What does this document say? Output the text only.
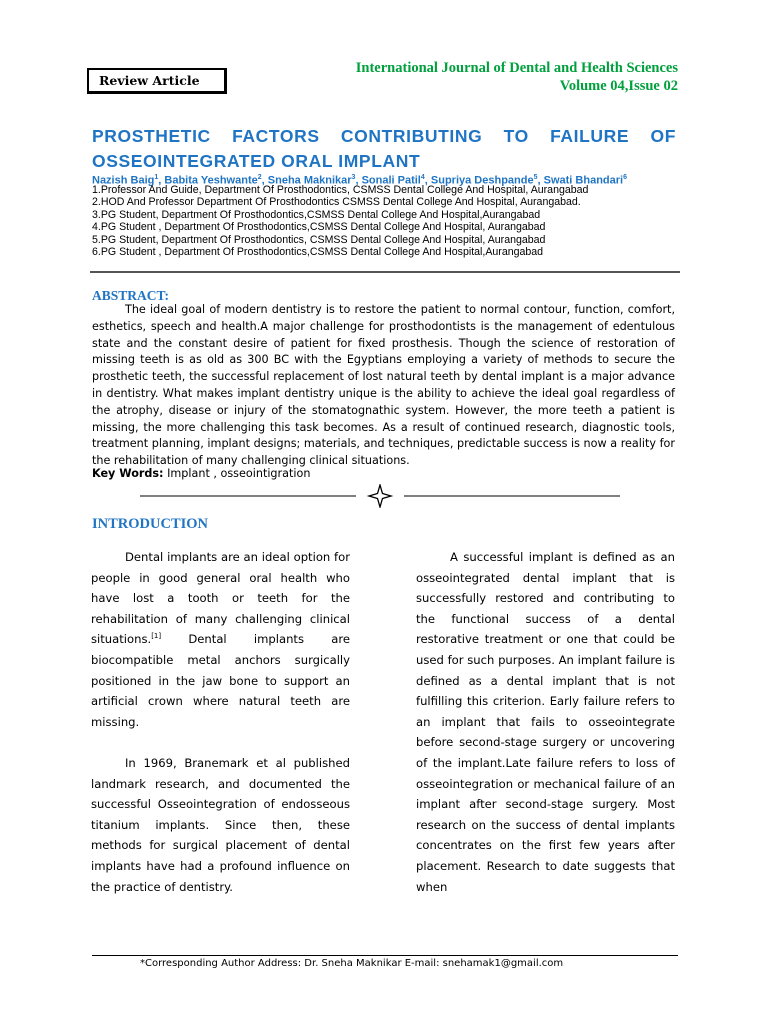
Review Article
International Journal of Dental and Health Sciences
Volume 04,Issue 02
PROSTHETIC FACTORS CONTRIBUTING TO FAILURE OF
OSSEOINTEGRATED ORAL IMPLANT
Nazish Baig$^1$, Babita Yeshwante$^2$, Sneha Maknikar$^3$, Sonali Patil$^4$, Supriya Deshpande$^5$, Swati Bhandari$^6$
1.Professor And Guide, Department Of Prosthodontics, CSMSS Dental College And Hospital, Aurangabad
2.HOD And Professor Department Of Prosthodontics CSMSS Dental College And Hospital, Aurangabad.
3.PG Student, Department Of Prosthodontics,CSMSS Dental College And Hospital,Aurangabad
4.PG Student , Department Of Prosthodontics,CSMSS Dental College And Hospital, Aurangabad
5.PG Student, Department Of Prosthodontics, CSMSS Dental College And Hospital, Aurangabad
6.PG Student , Department Of Prosthodontics,CSMSS Dental College And Hospital,Aurangabad
ABSTRACT:

The ideal goal of modern dentistry is to restore the patient to normal contour, function, comfort, esthetics, speech and health.A major challenge for prosthodontists is the management of edentulous state and the constant desire of patient for fixed prosthesis. Though the science of restoration of missing teeth is as old as 300 BC with the Egyptians employing a variety of methods to secure the prosthetic teeth, the successful replacement of lost natural teeth by dental implant is a major advance in dentistry. What makes implant dentistry unique is the ability to achieve the ideal goal regardless of the atrophy, disease or injury of the stomatognathic system. However, the more teeth a patient is missing, the more challenging this task becomes. As a result of continued research, diagnostic tools, treatment planning, implant designs; materials, and techniques, predictable success is now a reality for the rehabilitation of many challenging clinical situations.

Key Words: Implant , osseointigration
INTRODUCTION

Dental implants are an ideal option for people in good general oral health who have lost a tooth or teeth for the rehabilitation of many challenging clinical situations.[1] Dental implants are biocompatible metal anchors surgically positioned in the jaw bone to support an artificial crown where natural teeth are missing.

In 1969, Branemark et al published landmark research, and documented the successful Osseointegration of endosseous titanium implants. Since then, these methods for surgical placement of dental implants have had a profound influence on the practice of dentistry.

A successful implant is defined as an osseointegrated dental implant that is successfully restored and contributing to the functional success of a dental restorative treatment or one that could be used for such purposes. An implant failure is defined as a dental implant that is not fulfilling this criterion. Early failure refers to an implant that fails to osseointegrate before second-stage surgery or uncovering of the implant.Late failure refers to loss of osseointegration or mechanical failure of an implant after second-stage surgery. Most research on the success of dental implants concentrates on the first few years after placement. Research to date suggests that when

*Corresponding Author Address: Dr. Sneha Maknikar E-mail: snehamak1@gmail.com
